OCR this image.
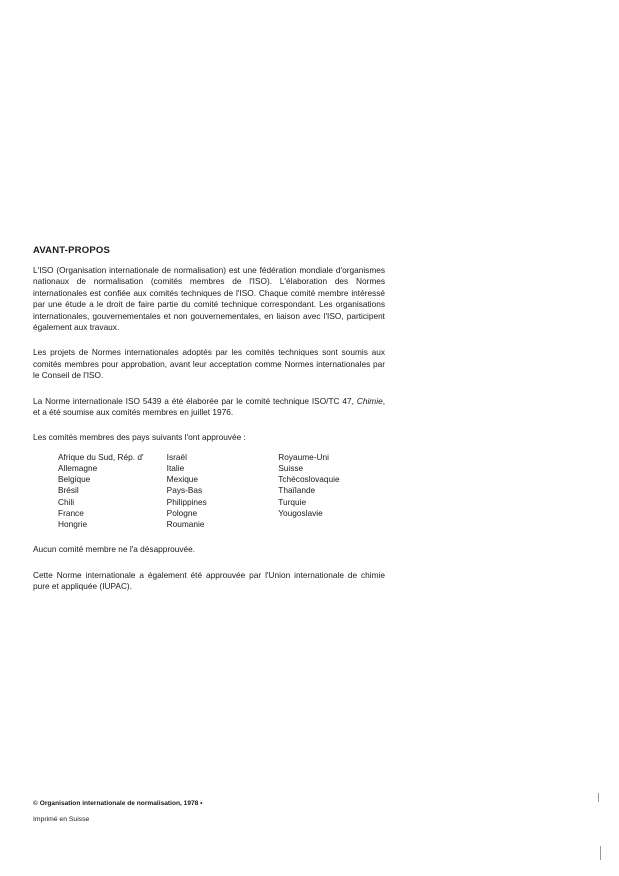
AVANT-PROPOS

L'ISO (Organisation internationale de normalisation) est une fédération mondiale d'organismes nationaux de normalisation (comités membres de l'ISO). L'élaboration des Normes internationales est confiée aux comités techniques de l'ISO. Chaque comité membre intéressé par une étude a le droit de faire partie du comité technique correspondant. Les organisations internationales, gouvernementales et non gouvernementales, en liaison avec l'ISO, participent également aux travaux.

Les projets de Normes internationales adoptés par les comités techniques sont soumis aux comités membres pour approbation, avant leur acceptation comme Normes internationales par le Conseil de l'ISO.

La Norme internationale ISO 5439 a été élaborée par le comité technique ISO/TC 47, Chimie, et a été soumise aux comités membres en juillet 1976.

Les comités membres des pays suivants l'ont approuvée :

Afrique du Sud, Rép. d'
Allemagne
Belgique
Brésil
Chili
France
Hongrie
Israël
Italie
Mexique
Pays-Bas
Philippines
Pologne
Roumanie
Royaume-Uni
Suisse
Tchécoslovaquie
Thaïlande
Turquie
Yougoslavie

Aucun comité membre ne l'a désapprouvée.

Cette Norme internationale a également été approuvée par l'Union internationale de chimie pure et appliquée (IUPAC).

© Organisation internationale de normalisation, 1978 •
Imprimé en Suisse
